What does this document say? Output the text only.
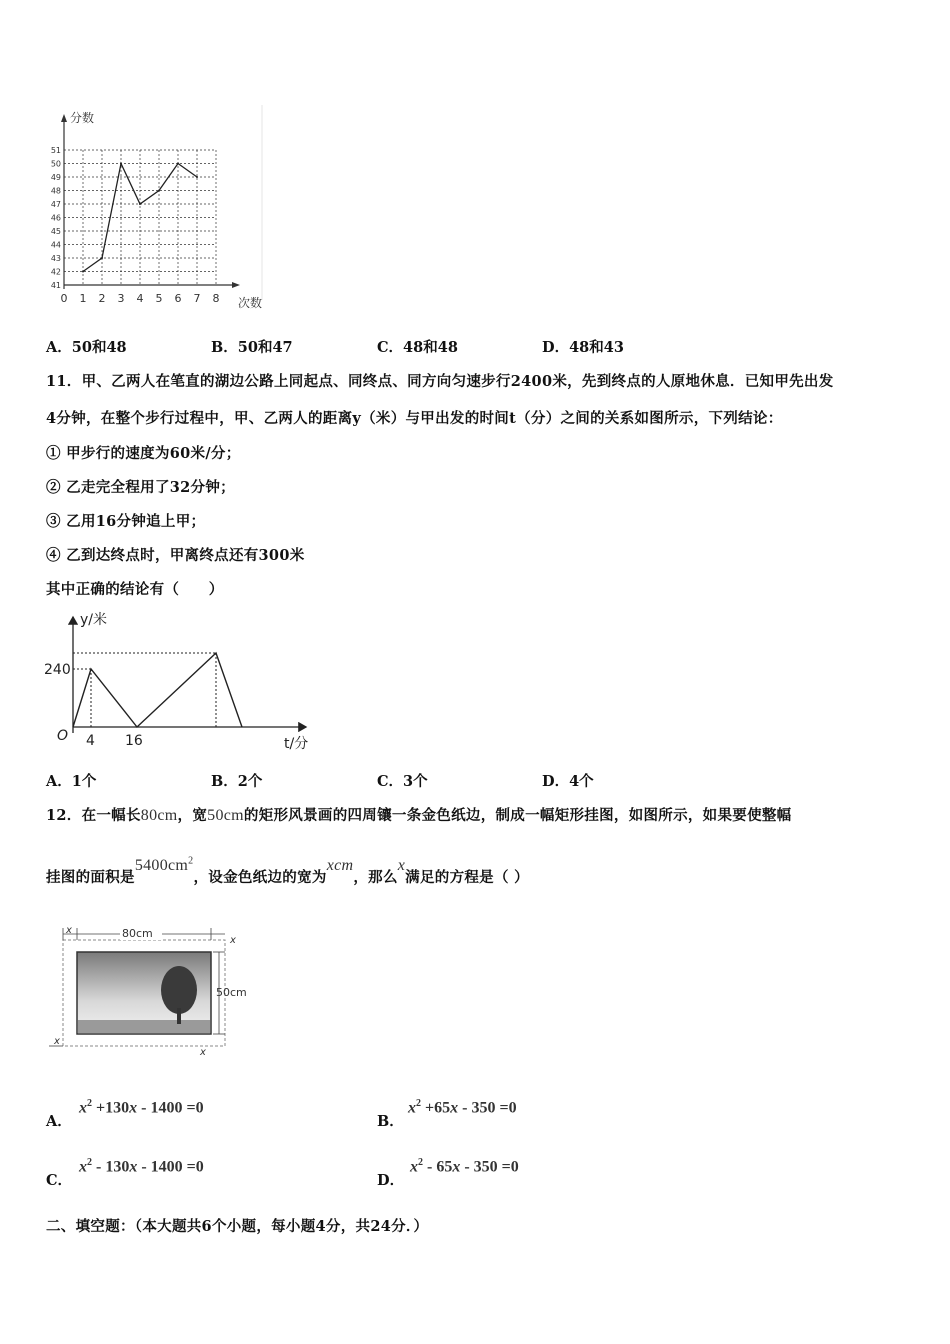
分数
次数
41
42
43
44
45
46
47
48
49
50
51
0 1 2 3 4 5 6 7 8
A．50和48	B．50和47	C．48和48	D．48和43
11．甲、乙两人在笔直的湖边公路上同起点、同终点、同方向匀速步行2400米，先到终点的人原地休息．已知甲先出发
4分钟，在整个步行过程中，甲、乙两人的距离y（米）与甲出发的时间t（分）之间的关系如图所示，下列结论：
① 甲步行的速度为60米/分；
② 乙走完全程用了32分钟；
③ 乙用16分钟追上甲；
④ 乙到达终点时，甲离终点还有300米
其中正确的结论有（　　）
y/米
t/分
O
240
4 16
A．1个	B．2个	C．3个	D．4个
12．在一幅长80cm，宽50cm的矩形风景画的四周镶一条金色纸边，制成一幅矩形挂图，如图所示，如果要使整幅
挂图的面积是$5400cm^2$，设金色纸边的宽为xcm，那么x满足的方程是（ ）
80cm
x
x
50cm
x
x
A．
$x^2 +130x - 1400 =0$
B．
$x^2 +65x - 350 =0$
C．
$x^2 - 130x - 1400 =0$
D．
$x^2 - 65x - 350 =0$
二、填空题：（本大题共6个小题，每小题4分，共24分．）
